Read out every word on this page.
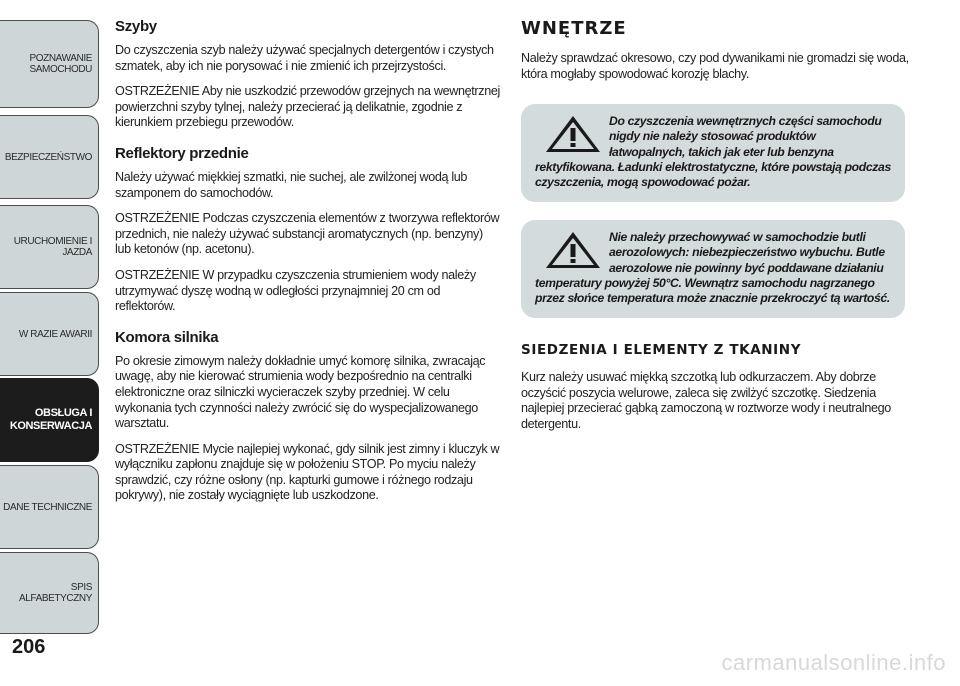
POZNAWANIE SAMOCHODU
BEZPIECZEŃSTWO
URUCHOMIENIE I JAZDA
W RAZIE AWARII
OBSŁUGA I KONSERWACJA
DANE TECHNICZNE
SPIS ALFABETYCZNY
206
Szyby

Do czyszczenia szyb należy używać specjalnych detergentów i czystych szmatek, aby ich nie porysować i nie zmienić ich przejrzystości.

OSTRZEŻENIE Aby nie uszkodzić przewodów grzejnych na wewnętrznej powierzchni szyby tylnej, należy przecierać ją delikatnie, zgodnie z kierunkiem przebiegu przewodów.

Reflektory przednie

Należy używać miękkiej szmatki, nie suchej, ale zwilżonej wodą lub szamponem do samochodów.

OSTRZEŻENIE Podczas czyszczenia elementów z tworzywa reflektorów przednich, nie należy używać substancji aromatycznych (np. benzyny) lub ketonów (np. acetonu).

OSTRZEŻENIE W przypadku czyszczenia strumieniem wody należy utrzymywać dyszę wodną w odległości przynajmniej 20 cm od reflektorów.

Komora silnika

Po okresie zimowym należy dokładnie umyć komorę silnika, zwracając uwagę, aby nie kierować strumienia wody bezpośrednio na centralki elektroniczne oraz silniczki wycieraczek szyby przedniej. W celu wykonania tych czynności należy zwrócić się do wyspecjalizowanego warsztatu.

OSTRZEŻENIE Mycie najlepiej wykonać, gdy silnik jest zimny i kluczyk w wyłączniku zapłonu znajduje się w położeniu STOP. Po myciu należy sprawdzić, czy różne osłony (np. kapturki gumowe i różnego rodzaju pokrywy), nie zostały wyciągnięte lub uszkodzone.

WNĘTRZE

Należy sprawdzać okresowo, czy pod dywanikami nie gromadzi się woda, która mogłaby spowodować korozję blachy.

Do czyszczenia wewnętrznych części samochodu nigdy nie należy stosować produktów łatwopalnych, takich jak eter lub benzyna rektyfikowana. Ładunki elektrostatyczne, które powstają podczas czyszczenia, mogą spowodować pożar.

Nie należy przechowywać w samochodzie butli aerozolowych: niebezpieczeństwo wybuchu. Butle aerozolowe nie powinny być poddawane działaniu temperatury powyżej 50°C. Wewnątrz samochodu nagrzanego przez słońce temperatura może znacznie przekroczyć tą wartość.

SIEDZENIA I ELEMENTY Z TKANINY

Kurz należy usuwać miękką szczotką lub odkurzaczem. Aby dobrze oczyścić poszycia welurowe, zaleca się zwilżyć szczotkę. Siedzenia najlepiej przecierać gąbką zamoczoną w roztworze wody i neutralnego detergentu.

carmanualsonline.info
